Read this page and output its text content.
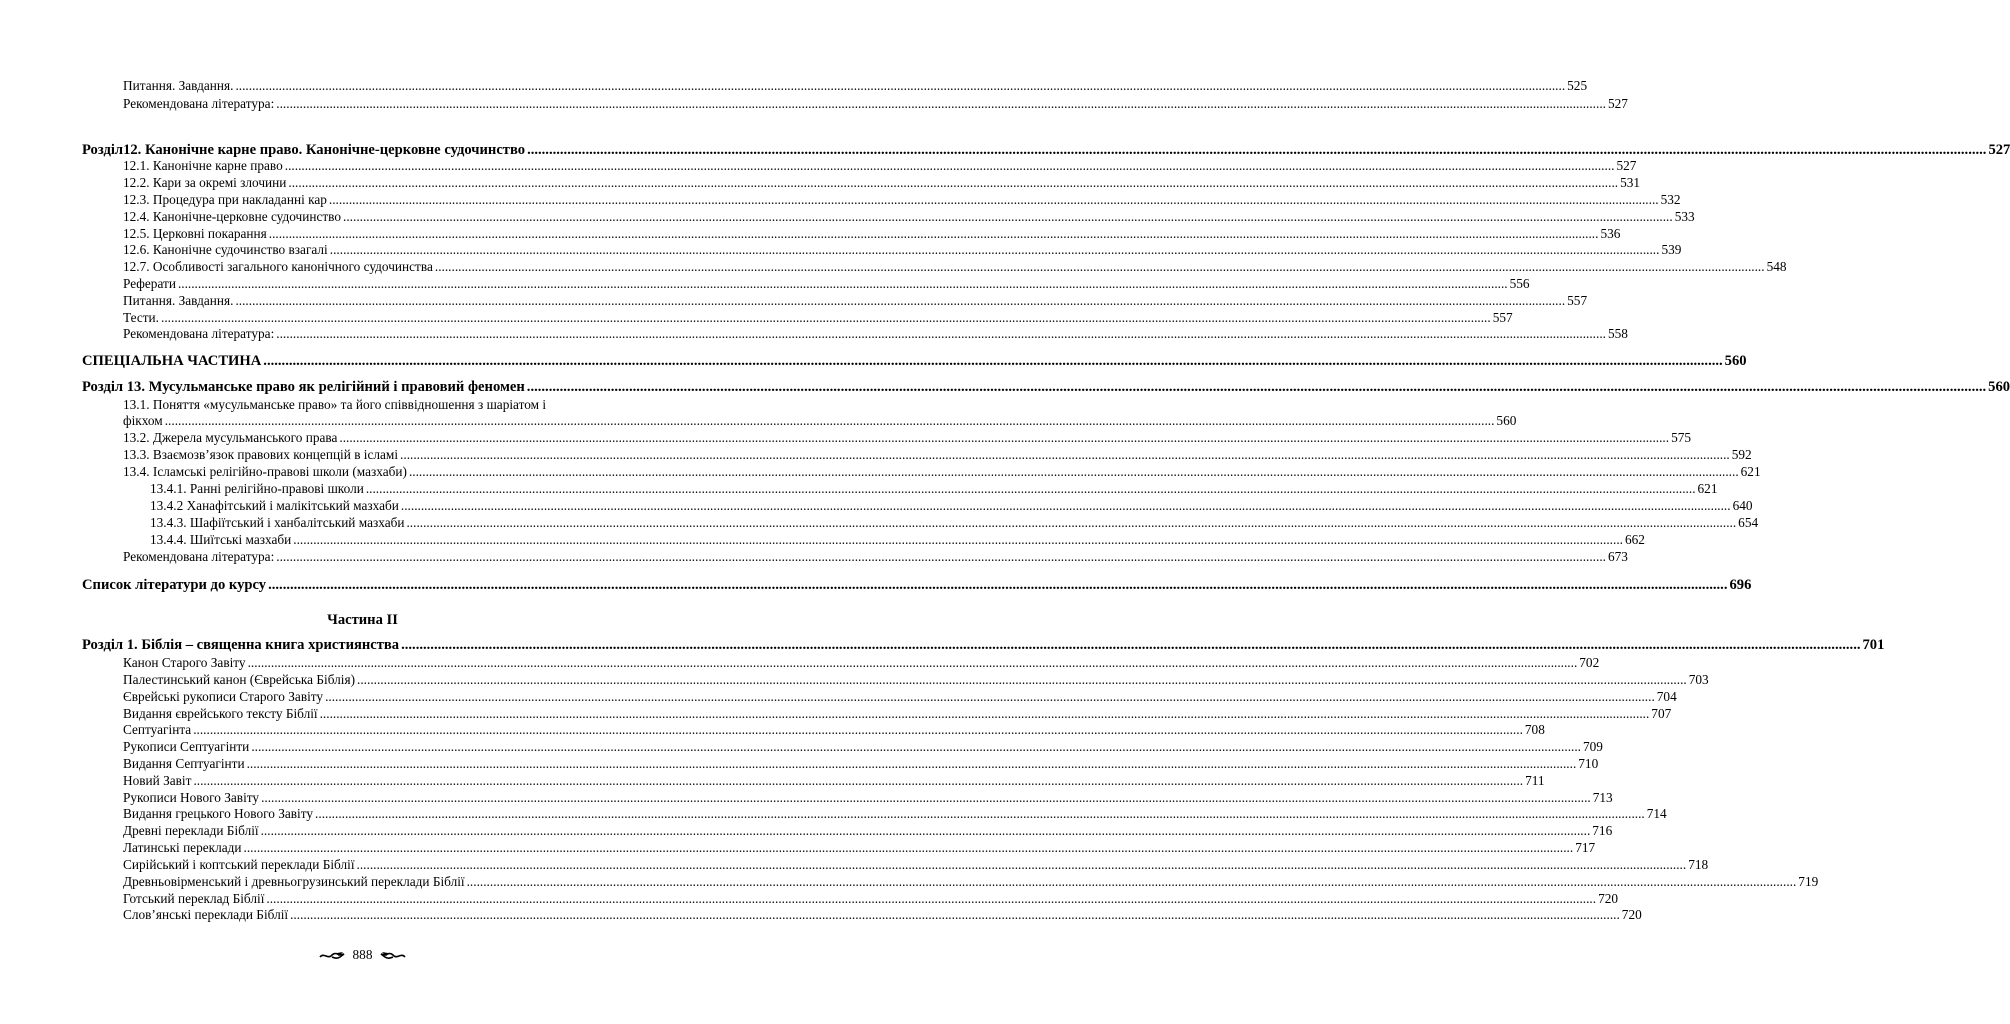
Питання. Завдання. ................................................................................................................................................................................................................................................................................................................................................................................................................ 525
Рекомендована література: ................................................................................................................................................................................................................................................................................................................................................................................................................ 527
Розділ12. Канонічне карне право. Канонічне-церковне судочинство ................................................................................................................................................................................................................................................................................................................................................................................................................ 527
12.1. Канонічне карне право ................................................................................................................................................................................................................................................................................................................................................................................................................ 527
12.2. Кари за окремі злочини ................................................................................................................................................................................................................................................................................................................................................................................................................ 531
12.3. Процедура при накладанні кар ................................................................................................................................................................................................................................................................................................................................................................................................................ 532
12.4. Канонічне-церковне судочинство ................................................................................................................................................................................................................................................................................................................................................................................................................ 533
12.5. Церковні покарання ................................................................................................................................................................................................................................................................................................................................................................................................................ 536
12.6. Канонічне судочинство взагалі ................................................................................................................................................................................................................................................................................................................................................................................................................ 539
12.7. Особливості загального канонічного судочинства ................................................................................................................................................................................................................................................................................................................................................................................................................ 548
Реферати ................................................................................................................................................................................................................................................................................................................................................................................................................ 556
Питання. Завдання. ................................................................................................................................................................................................................................................................................................................................................................................................................ 557
Тести. ................................................................................................................................................................................................................................................................................................................................................................................................................ 557
Рекомендована література: ................................................................................................................................................................................................................................................................................................................................................................................................................ 558
СПЕЦІАЛЬНА ЧАСТИНА ................................................................................................................................................................................................................................................................................................................................................................................................................ 560
Розділ 13. Мусульманське право як релігійний і правовий феномен ................................................................................................................................................................................................................................................................................................................................................................................................................ 560
13.1. Поняття «мусульманське право» та його співвідношення з шаріатом і
фікхом ................................................................................................................................................................................................................................................................................................................................................................................................................ 560
13.2. Джерела мусульманського права ................................................................................................................................................................................................................................................................................................................................................................................................................ 575
13.3. Взаємозв’язок правових концепцій в ісламі ................................................................................................................................................................................................................................................................................................................................................................................................................ 592
13.4. Ісламські релігійно-правові школи (мазхаби) ................................................................................................................................................................................................................................................................................................................................................................................................................ 621
13.4.1. Ранні релігійно-правові школи ................................................................................................................................................................................................................................................................................................................................................................................................................ 621
13.4.2 Ханафітський і малікітський мазхаби ................................................................................................................................................................................................................................................................................................................................................................................................................ 640
13.4.3. Шафіїтський і ханбалітський мазхаби ................................................................................................................................................................................................................................................................................................................................................................................................................ 654
13.4.4. Шиїтські мазхаби ................................................................................................................................................................................................................................................................................................................................................................................................................ 662
Рекомендована література: ................................................................................................................................................................................................................................................................................................................................................................................................................ 673
Список літератури до курсу ................................................................................................................................................................................................................................................................................................................................................................................................................ 696
Частина ІІ
Розділ 1. Біблія – священна книга християнства ................................................................................................................................................................................................................................................................................................................................................................................................................ 701
Канон Старого Завіту ................................................................................................................................................................................................................................................................................................................................................................................................................ 702
Палестинський канон (Єврейська Біблія) ................................................................................................................................................................................................................................................................................................................................................................................................................ 703
Єврейські рукописи Старого Завіту ................................................................................................................................................................................................................................................................................................................................................................................................................ 704
Видання єврейського тексту Біблії ................................................................................................................................................................................................................................................................................................................................................................................................................ 707
Септуагінта ................................................................................................................................................................................................................................................................................................................................................................................................................ 708
Рукописи Септуагінти ................................................................................................................................................................................................................................................................................................................................................................................................................ 709
Видання Септуагінти ................................................................................................................................................................................................................................................................................................................................................................................................................ 710
Новий Завіт ................................................................................................................................................................................................................................................................................................................................................................................................................ 711
Рукописи Нового Завіту ................................................................................................................................................................................................................................................................................................................................................................................................................ 713
Видання грецького Нового Завіту ................................................................................................................................................................................................................................................................................................................................................................................................................ 714
Древні переклади Біблії ................................................................................................................................................................................................................................................................................................................................................................................................................ 716
Латинські переклади ................................................................................................................................................................................................................................................................................................................................................................................................................ 717
Сирійський і коптський переклади Біблії ................................................................................................................................................................................................................................................................................................................................................................................................................ 718
Древньовірменський і древньогрузинський переклади Біблії ................................................................................................................................................................................................................................................................................................................................................................................................................ 719
Готський переклад Біблії ................................................................................................................................................................................................................................................................................................................................................................................................................ 720
Слов’янські переклади Біблії ................................................................................................................................................................................................................................................................................................................................................................................................................ 720
888
